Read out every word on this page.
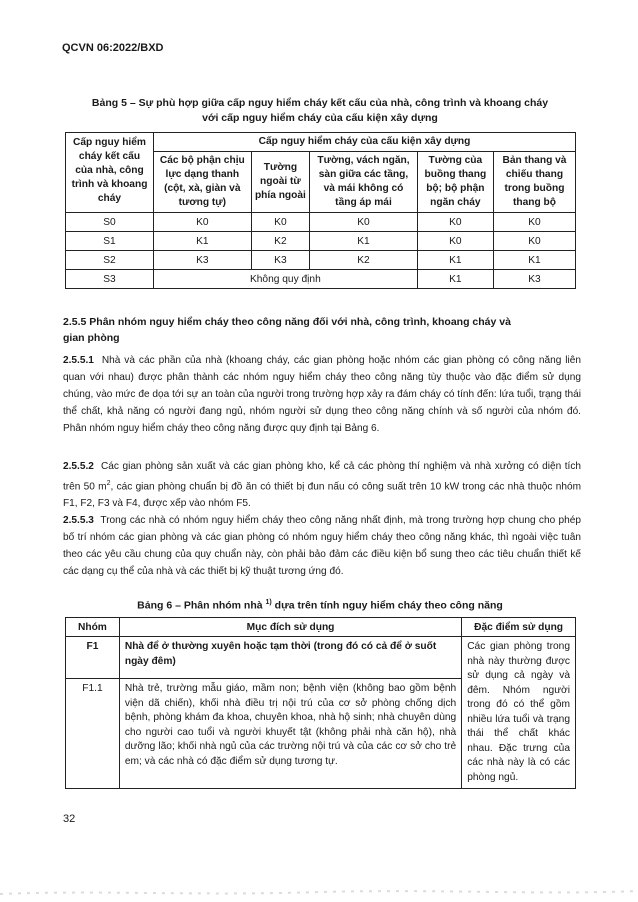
QCVN 06:2022/BXD
Bảng 5 – Sự phù hợp giữa cấp nguy hiểm cháy kết cấu của nhà, công trình và khoang cháy
với cấp nguy hiểm cháy của cấu kiện xây dựng
Cấp nguy hiểm cháy kết cấu của nhà, công trình và khoang cháy	Cấp nguy hiểm cháy của cấu kiện xây dựng				
	Các bộ phận chịu lực dạng thanh (cột, xà, giàn và tương tự)	Tường ngoài từ phía ngoài	Tường, vách ngăn, sàn giữa các tầng, và mái không có tầng áp mái	Tường của buồng thang bộ; bộ phận ngăn cháy	Bản thang và chiếu thang trong buồng thang bộ
S0	K0	K0	K0	K0	K0
S1	K1	K2	K1	K0	K0
S2	K3	K3	K2	K1	K1
S3	Không quy định			K1	K3
2.5.5 Phân nhóm nguy hiểm cháy theo công năng đối với nhà, công trình, khoang cháy và
gian phòng
2.5.5.1 Nhà và các phần của nhà (khoang cháy, các gian phòng hoặc nhóm các gian phòng có công năng liên quan với nhau) được phân thành các nhóm nguy hiểm cháy theo công năng tùy thuộc vào đặc điểm sử dụng chúng, vào mức đe dọa tới sự an toàn của người trong trường hợp xảy ra đám cháy có tính đến: lứa tuổi, trạng thái thể chất, khả năng có người đang ngủ, nhóm người sử dụng theo công năng chính và số người của nhóm đó. Phân nhóm nguy hiểm cháy theo công năng được quy định tại Bảng 6.
2.5.5.2 Các gian phòng sản xuất và các gian phòng kho, kể cả các phòng thí nghiệm và nhà xưởng có diện tích trên 50 $m^2$, các gian phòng chuẩn bị đồ ăn có thiết bị đun nấu có công suất trên 10 kW trong các nhà thuộc nhóm F1, F2, F3 và F4, được xếp vào nhóm F5.
2.5.5.3 Trong các nhà có nhóm nguy hiểm cháy theo công năng nhất định, mà trong trường hợp chung cho phép bố trí nhóm các gian phòng và các gian phòng có nhóm nguy hiểm cháy theo công năng khác, thì ngoài việc tuân theo các yêu cầu chung của quy chuẩn này, còn phải bảo đảm các điều kiện bổ sung theo các tiêu chuẩn thiết kế các dạng cụ thể của nhà và các thiết bị kỹ thuật tương ứng đó.
Bảng 6 – Phân nhóm nhà $^{1)}$ dựa trên tính nguy hiểm cháy theo công năng
Nhóm	Mục đích sử dụng	Đặc điểm sử dụng
F1	Nhà để ở thường xuyên hoặc tạm thời (trong đó có cả để ở suốt ngày đêm)	Các gian phòng trong nhà này thường được sử dụng cả ngày và đêm. Nhóm người trong đó có thể gồm nhiều lứa tuổi và trạng thái thể chất khác nhau. Đặc trưng của các nhà này là có các phòng ngủ.
F1.1	Nhà trẻ, trường mẫu giáo, mầm non; bệnh viện (không bao gồm bệnh viện dã chiến), khối nhà điều trị nội trú của cơ sở phòng chống dịch bệnh, phòng khám đa khoa, chuyên khoa, nhà hộ sinh; nhà chuyên dùng cho người cao tuổi và người khuyết tật (không phải nhà căn hộ), nhà dưỡng lão; khối nhà ngủ của các trường nội trú và của các cơ sở cho trẻ em; và các nhà có đặc điểm sử dụng tương tự.	
32
